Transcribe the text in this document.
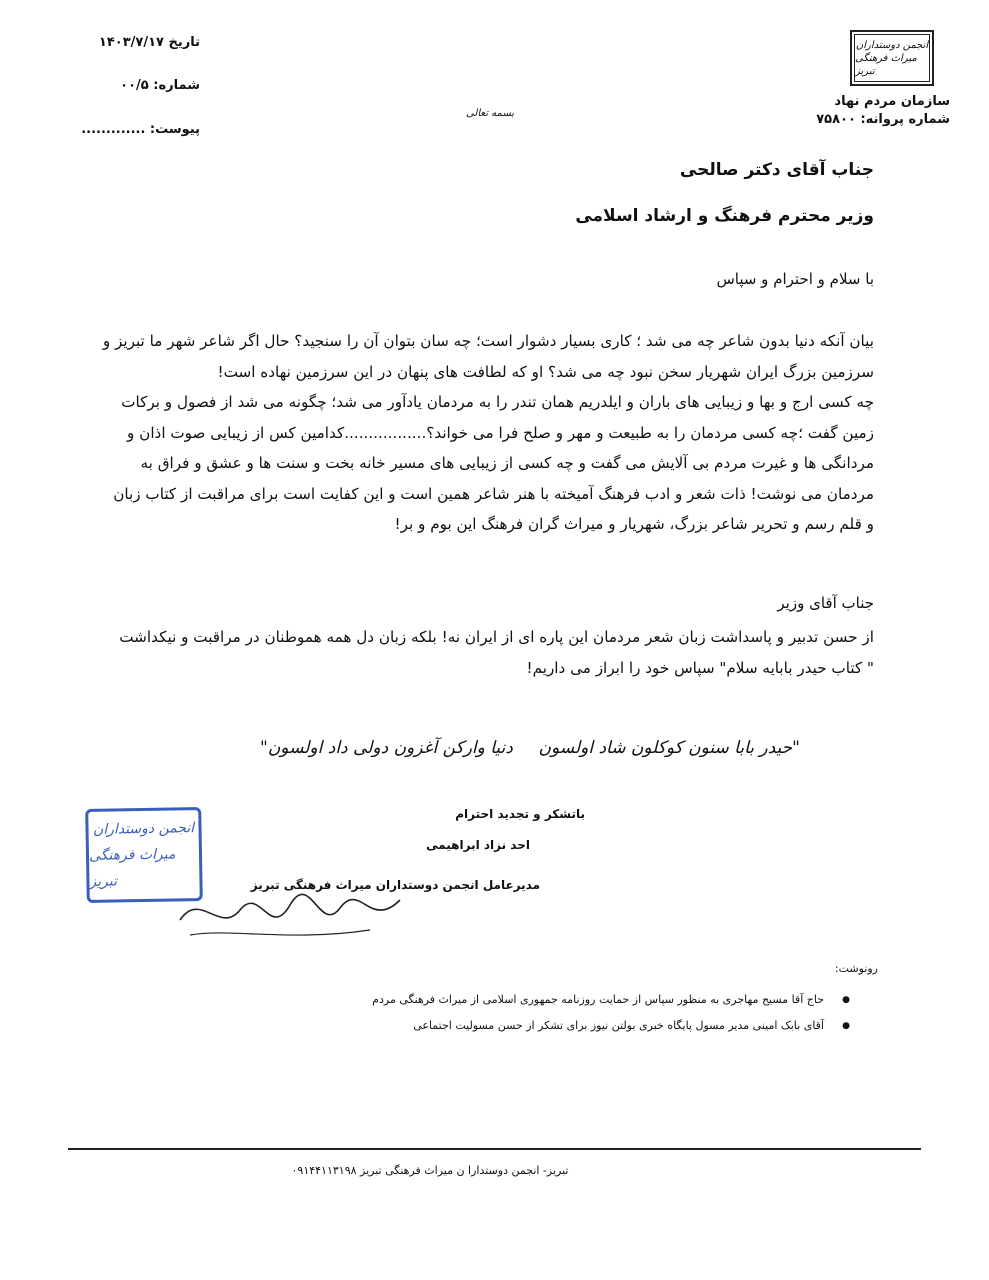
انجمن دوستداران
میراث فرهنگی تبریز
سازمان مردم نهاد
شماره پروانه: ۷۵۸۰۰
تاریخ ۱۴۰۳/۷/۱۷
شماره: ۰۰/۵
پیوست: .............
بسمه تعالی
جناب آقای دکتر صالحی
وزیر محترم فرهنگ و ارشاد اسلامی
با سلام و احترام و سپاس
بیان آنکه دنیا بدون شاعر چه می شد ؛ کاری بسیار دشوار است؛ چه سان بتوان آن را سنجید؟ حال اگر شاعر شهر ما تبریز و
سرزمین بزرگ ایران شهریار سخن نبود چه می شد؟ او که لطافت های پنهان در این سرزمین نهاده است!
چه کسی ارج و بها و زیبایی های باران و ایلدریم همان تندر را به مردمان یادآور می شد؛ چگونه می شد از فصول و برکات
زمین گفت ؛چه کسی مردمان را به طبیعت و مهر و صلح فرا می خواند؟.................کدامین کس از زیبایی صوت اذان و
مردانگی ها و غیرت مردم بی آلایش می گفت و چه کسی از زیبایی های مسیر خانه بخت و سنت ها و عشق و فراق به
مردمان می نوشت! ذات شعر و ادب فرهنگ آمیخته با هنر شاعر همین است و این کفایت است برای مراقبت از کتاب زبان
و قلم رسم و تحریر شاعر بزرگ، شهریار و میراث گران فرهنگ این بوم و بر!
جناب آقای وزیر
از حسن تدبیر و پاسداشت زبان شعر مردمان این پاره ای از ایران نه! بلکه زبان دل همه هموطنان در مراقبت و نیکداشت
" کتاب حیدر بابایه سلام" سپاس خود را ابراز می داریم!
"حیدر بابا سنون کوکلون شاد اولسون
دنیا وارکن آغزون دولی داد اولسون"
انجمن دوستداران
میراث فرهنگی تبریز
باتشکر و تجدید احترام
احد نزاد ابراهیمی
مدیرعامل انجمن دوستداران میراث فرهنگی تبریز
رونوشت:
● حاج آقا مسیح مهاجری به منظور سپاس از حمایت روزنامه جمهوری اسلامی از میراث فرهنگی مردم
● آقای بابک امینی مدیر مسول پایگاه خبری بولتن نیوز برای تشکر از حسن مسولیت اجتماعی
تبریز- انجمن دوستدارا ن میراث فرهنگی تبریز ۰۹۱۴۴۱۱۳۱۹۸
